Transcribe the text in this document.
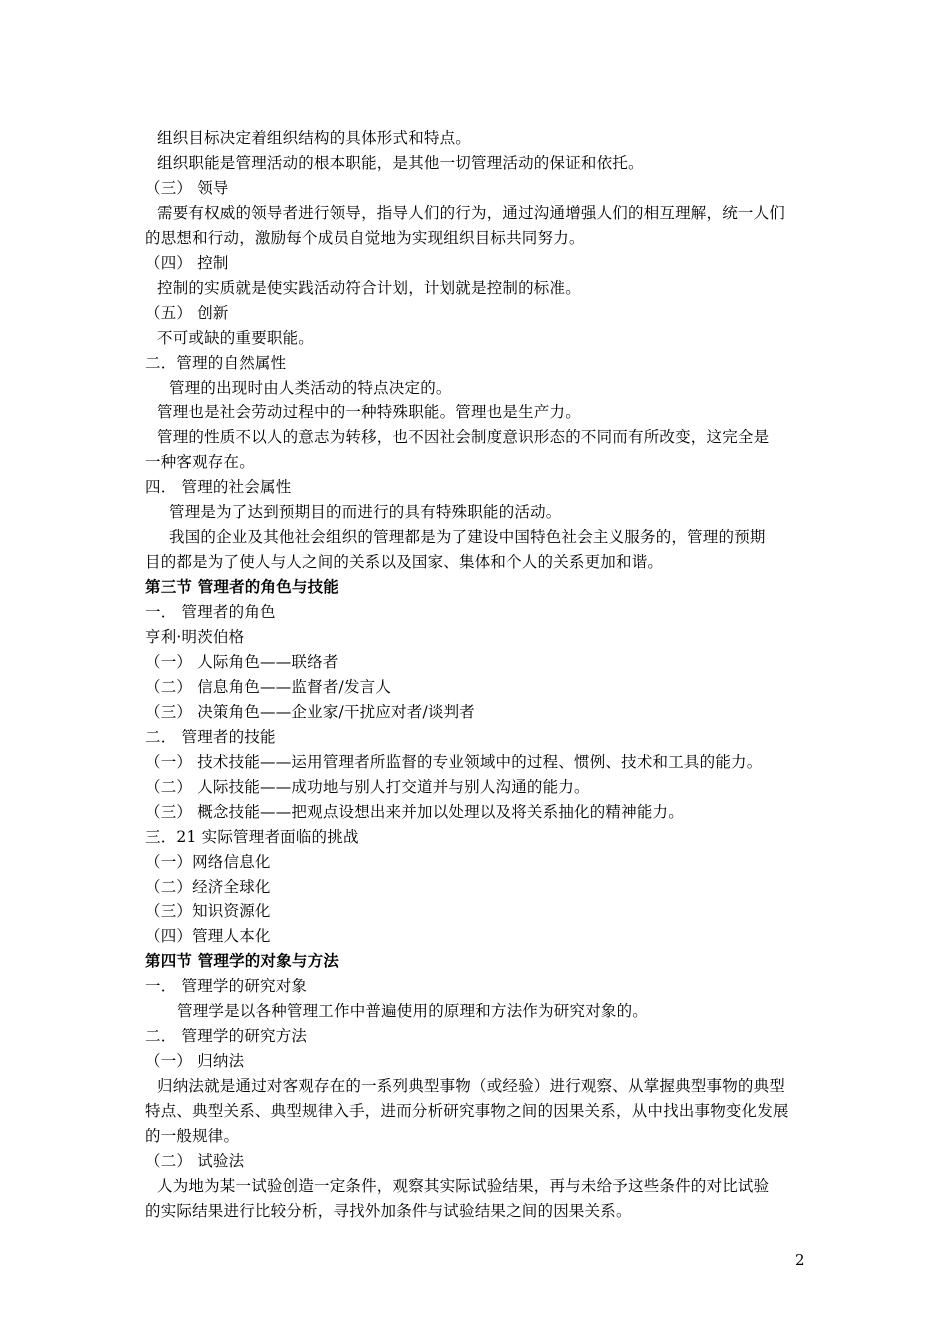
组织目标决定着组织结构的具体形式和特点。
组织职能是管理活动的根本职能，是其他一切管理活动的保证和依托。
（三） 领导
需要有权威的领导者进行领导，指导人们的行为，通过沟通增强人们的相互理解，统一人们
的思想和行动，激励每个成员自觉地为实现组织目标共同努力。
（四） 控制
控制的实质就是使实践活动符合计划，计划就是控制的标准。
（五） 创新
不可或缺的重要职能。
二．管理的自然属性
管理的出现时由人类活动的特点决定的。
管理也是社会劳动过程中的一种特殊职能。管理也是生产力。
管理的性质不以人的意志为转移，也不因社会制度意识形态的不同而有所改变，这完全是
一种客观存在。
四． 管理的社会属性
管理是为了达到预期目的而进行的具有特殊职能的活动。
我国的企业及其他社会组织的管理都是为了建设中国特色社会主义服务的，管理的预期
目的都是为了使人与人之间的关系以及国家、集体和个人的关系更加和谐。
第三节 管理者的角色与技能
一． 管理者的角色
亨利·明茨伯格
（一） 人际角色——联络者
（二） 信息角色——监督者/发言人
（三） 决策角色——企业家/干扰应对者/谈判者
二． 管理者的技能
（一） 技术技能——运用管理者所监督的专业领域中的过程、惯例、技术和工具的能力。
（二） 人际技能——成功地与别人打交道并与别人沟通的能力。
（三） 概念技能——把观点设想出来并加以处理以及将关系抽化的精神能力。
三．21 实际管理者面临的挑战
（一）网络信息化
（二）经济全球化
（三）知识资源化
（四）管理人本化
第四节 管理学的对象与方法
一． 管理学的研究对象
管理学是以各种管理工作中普遍使用的原理和方法作为研究对象的。
二． 管理学的研究方法
（一） 归纳法
归纳法就是通过对客观存在的一系列典型事物（或经验）进行观察、从掌握典型事物的典型
特点、典型关系、典型规律入手，进而分析研究事物之间的因果关系，从中找出事物变化发展
的一般规律。
（二） 试验法
人为地为某一试验创造一定条件，观察其实际试验结果，再与未给予这些条件的对比试验
的实际结果进行比较分析，寻找外加条件与试验结果之间的因果关系。
2
